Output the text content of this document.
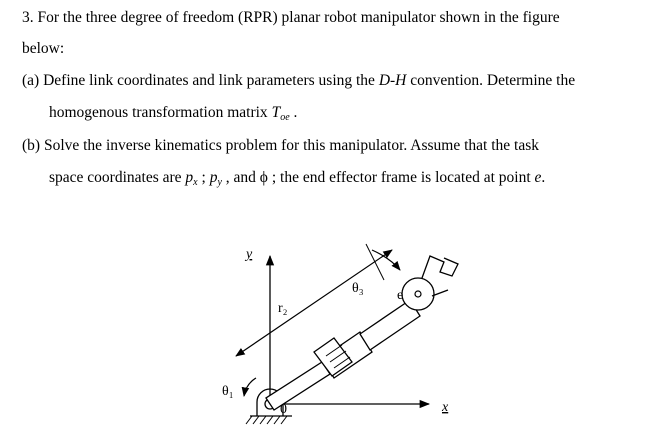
3. For the three degree of freedom (RPR) planar robot manipulator shown in the figure
below:
(a) Define link coordinates and link parameters using the D-H convention. Determine the
homogenous transformation matrix $T_{oe}$ .
(b) Solve the inverse kinematics problem for this manipulator. Assume that the task
space coordinates are $p_x$ ; $p_y$ , and ϕ ; the end effector frame is located at point e.
y
x
θ₁
θ₃
r₂
0
e
